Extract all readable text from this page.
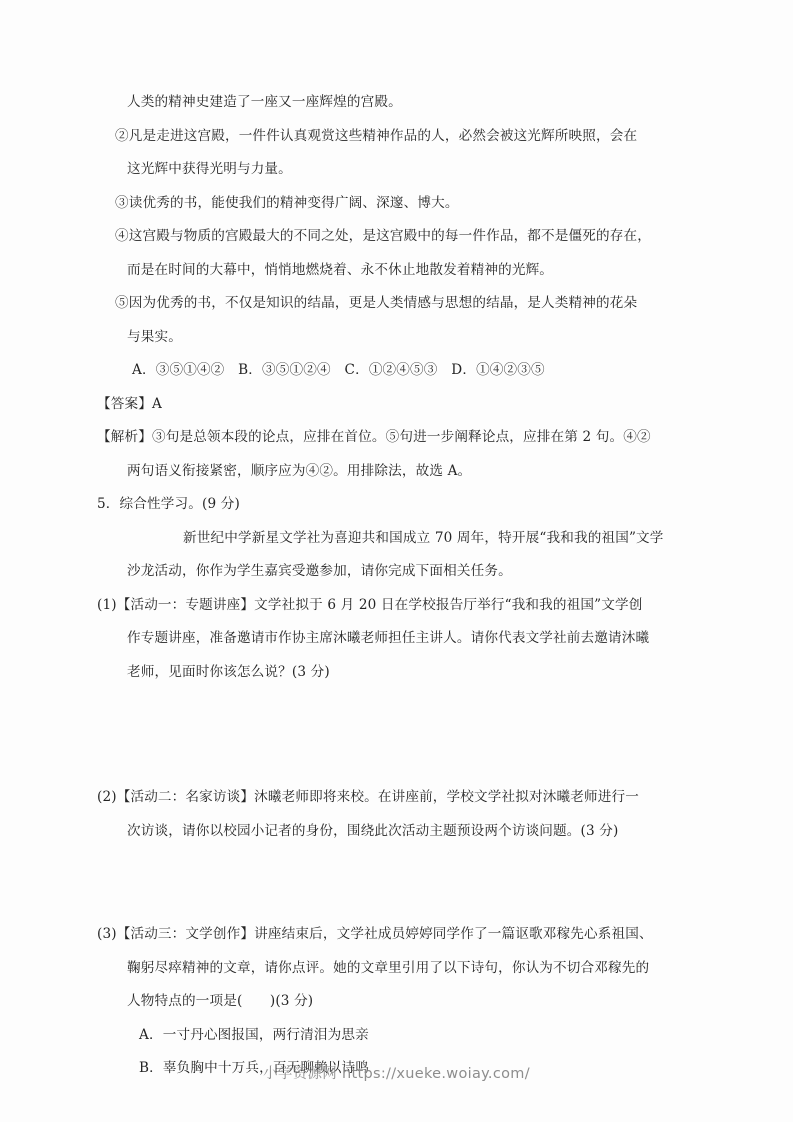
人类的精神史建造了一座又一座辉煌的宫殿。
②凡是走进这宫殿，一件件认真观赏这些精神作品的人，必然会被这光辉所映照，会在
这光辉中获得光明与力量。
③读优秀的书，能使我们的精神变得广阔、深邃、博大。
④这宫殿与物质的宫殿最大的不同之处，是这宫殿中的每一件作品，都不是僵死的存在，
而是在时间的大幕中，悄悄地燃烧着、永不休止地散发着精神的光辉。
⑤因为优秀的书，不仅是知识的结晶，更是人类情感与思想的结晶，是人类精神的花朵
与果实。
A．③⑤①④②　B．③⑤①②④　C．①②④⑤③　D．①④②③⑤
【答案】A
【解析】③句是总领本段的论点，应排在首位。⑤句进一步阐释论点，应排在第 2 句。④②
两句语义衔接紧密，顺序应为④②。用排除法，故选 A。
5．综合性学习。(9 分)
新世纪中学新星文学社为喜迎共和国成立 70 周年，特开展“我和我的祖国”文学
沙龙活动，你作为学生嘉宾受邀参加，请你完成下面相关任务。
(1)【活动一：专题讲座】文学社拟于 6 月 20 日在学校报告厅举行“我和我的祖国”文学创
作专题讲座，准备邀请市作协主席沐曦老师担任主讲人。请你代表文学社前去邀请沐曦
老师，见面时你该怎么说？(3 分)
(2)【活动二：名家访谈】沐曦老师即将来校。在讲座前，学校文学社拟对沐曦老师进行一
次访谈，请你以校园小记者的身份，围绕此次活动主题预设两个访谈问题。(3 分)
(3)【活动三：文学创作】讲座结束后，文学社成员婷婷同学作了一篇讴歌邓稼先心系祖国、
鞠躬尽瘁精神的文章，请你点评。她的文章里引用了以下诗句，你认为不切合邓稼先的
人物特点的一项是(　　)(3 分)
A．一寸丹心图报国，两行清泪为思亲
B．辜负胸中十万兵，百无聊赖以诗鸣
小学资源网 https://xueke.woiay.com/
